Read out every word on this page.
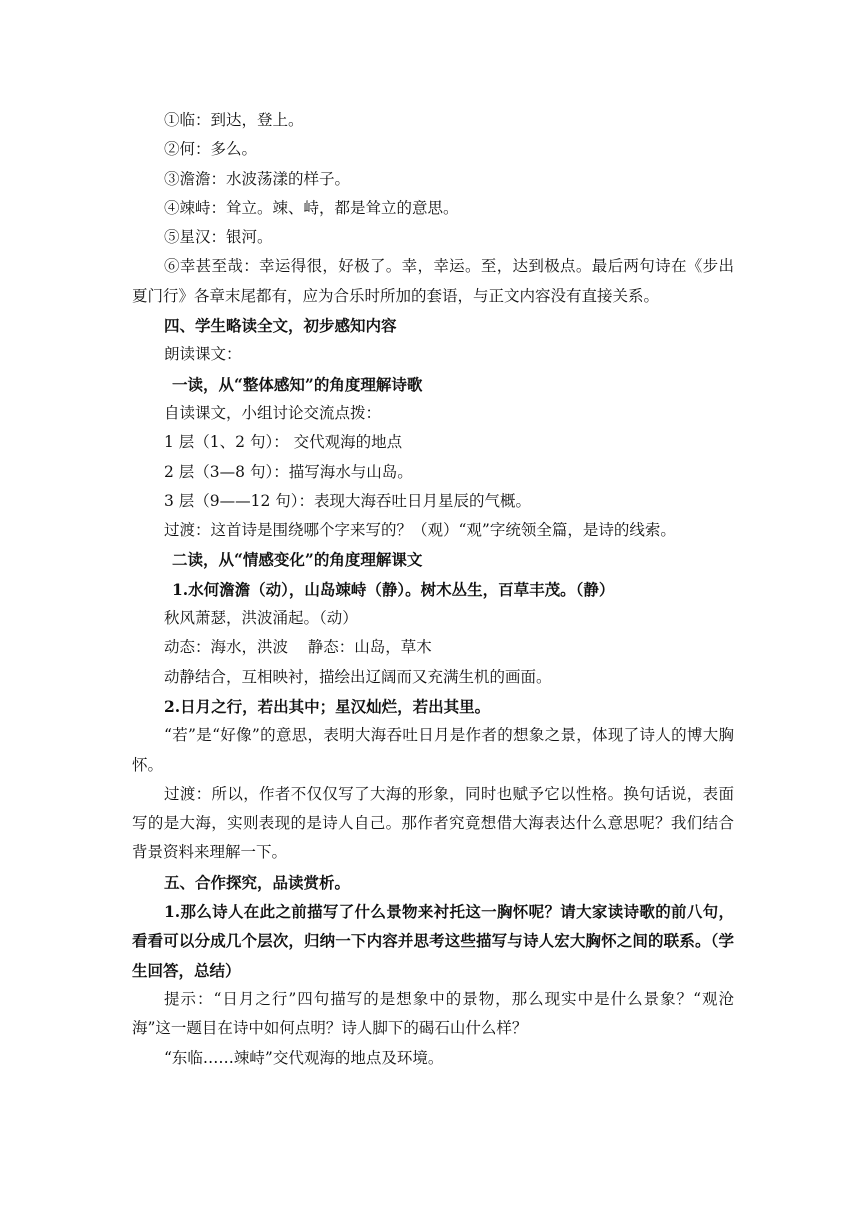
①临：到达，登上。

②何：多么。

③澹澹：水波荡漾的样子。

④竦峙：耸立。竦、峙，都是耸立的意思。

⑤星汉：银河。

⑥幸甚至哉：幸运得很，好极了。幸，幸运。至，达到极点。最后两句诗在《步出夏门行》各章末尾都有，应为合乐时所加的套语，与正文内容没有直接关系。

四、学生略读全文，初步感知内容

朗读课文：

一读，从“整体感知”的角度理解诗歌

自读课文，小组讨论交流点拨：

1 层（1、2 句）： 交代观海的地点

2 层（3—8 句）：描写海水与山岛。

3 层（9——12 句）：表现大海吞吐日月星辰的气概。

过渡：这首诗是围绕哪个字来写的？（观）“观”字统领全篇，是诗的线索。

二读，从“情感变化”的角度理解课文

1.水何澹澹（动），山岛竦峙（静）。树木丛生，百草丰茂。（静）

秋风萧瑟，洪波涌起。（动）

动态：海水，洪波    静态：山岛，草木

动静结合，互相映衬，描绘出辽阔而又充满生机的画面。

2.日月之行，若出其中；星汉灿烂，若出其里。

“若”是“好像”的意思，表明大海吞吐日月是作者的想象之景，体现了诗人的博大胸怀。

过渡：所以，作者不仅仅写了大海的形象，同时也赋予它以性格。换句话说，表面写的是大海，实则表现的是诗人自己。那作者究竟想借大海表达什么意思呢？我们结合背景资料来理解一下。

五、合作探究，品读赏析。

1.那么诗人在此之前描写了什么景物来衬托这一胸怀呢？请大家读诗歌的前八句，看看可以分成几个层次，归纳一下内容并思考这些描写与诗人宏大胸怀之间的联系。（学生回答，总结）

提示：“日月之行”四句描写的是想象中的景物，那么现实中是什么景象？“观沧海”这一题目在诗中如何点明？诗人脚下的碣石山什么样？

“东临……竦峙”交代观海的地点及环境。
